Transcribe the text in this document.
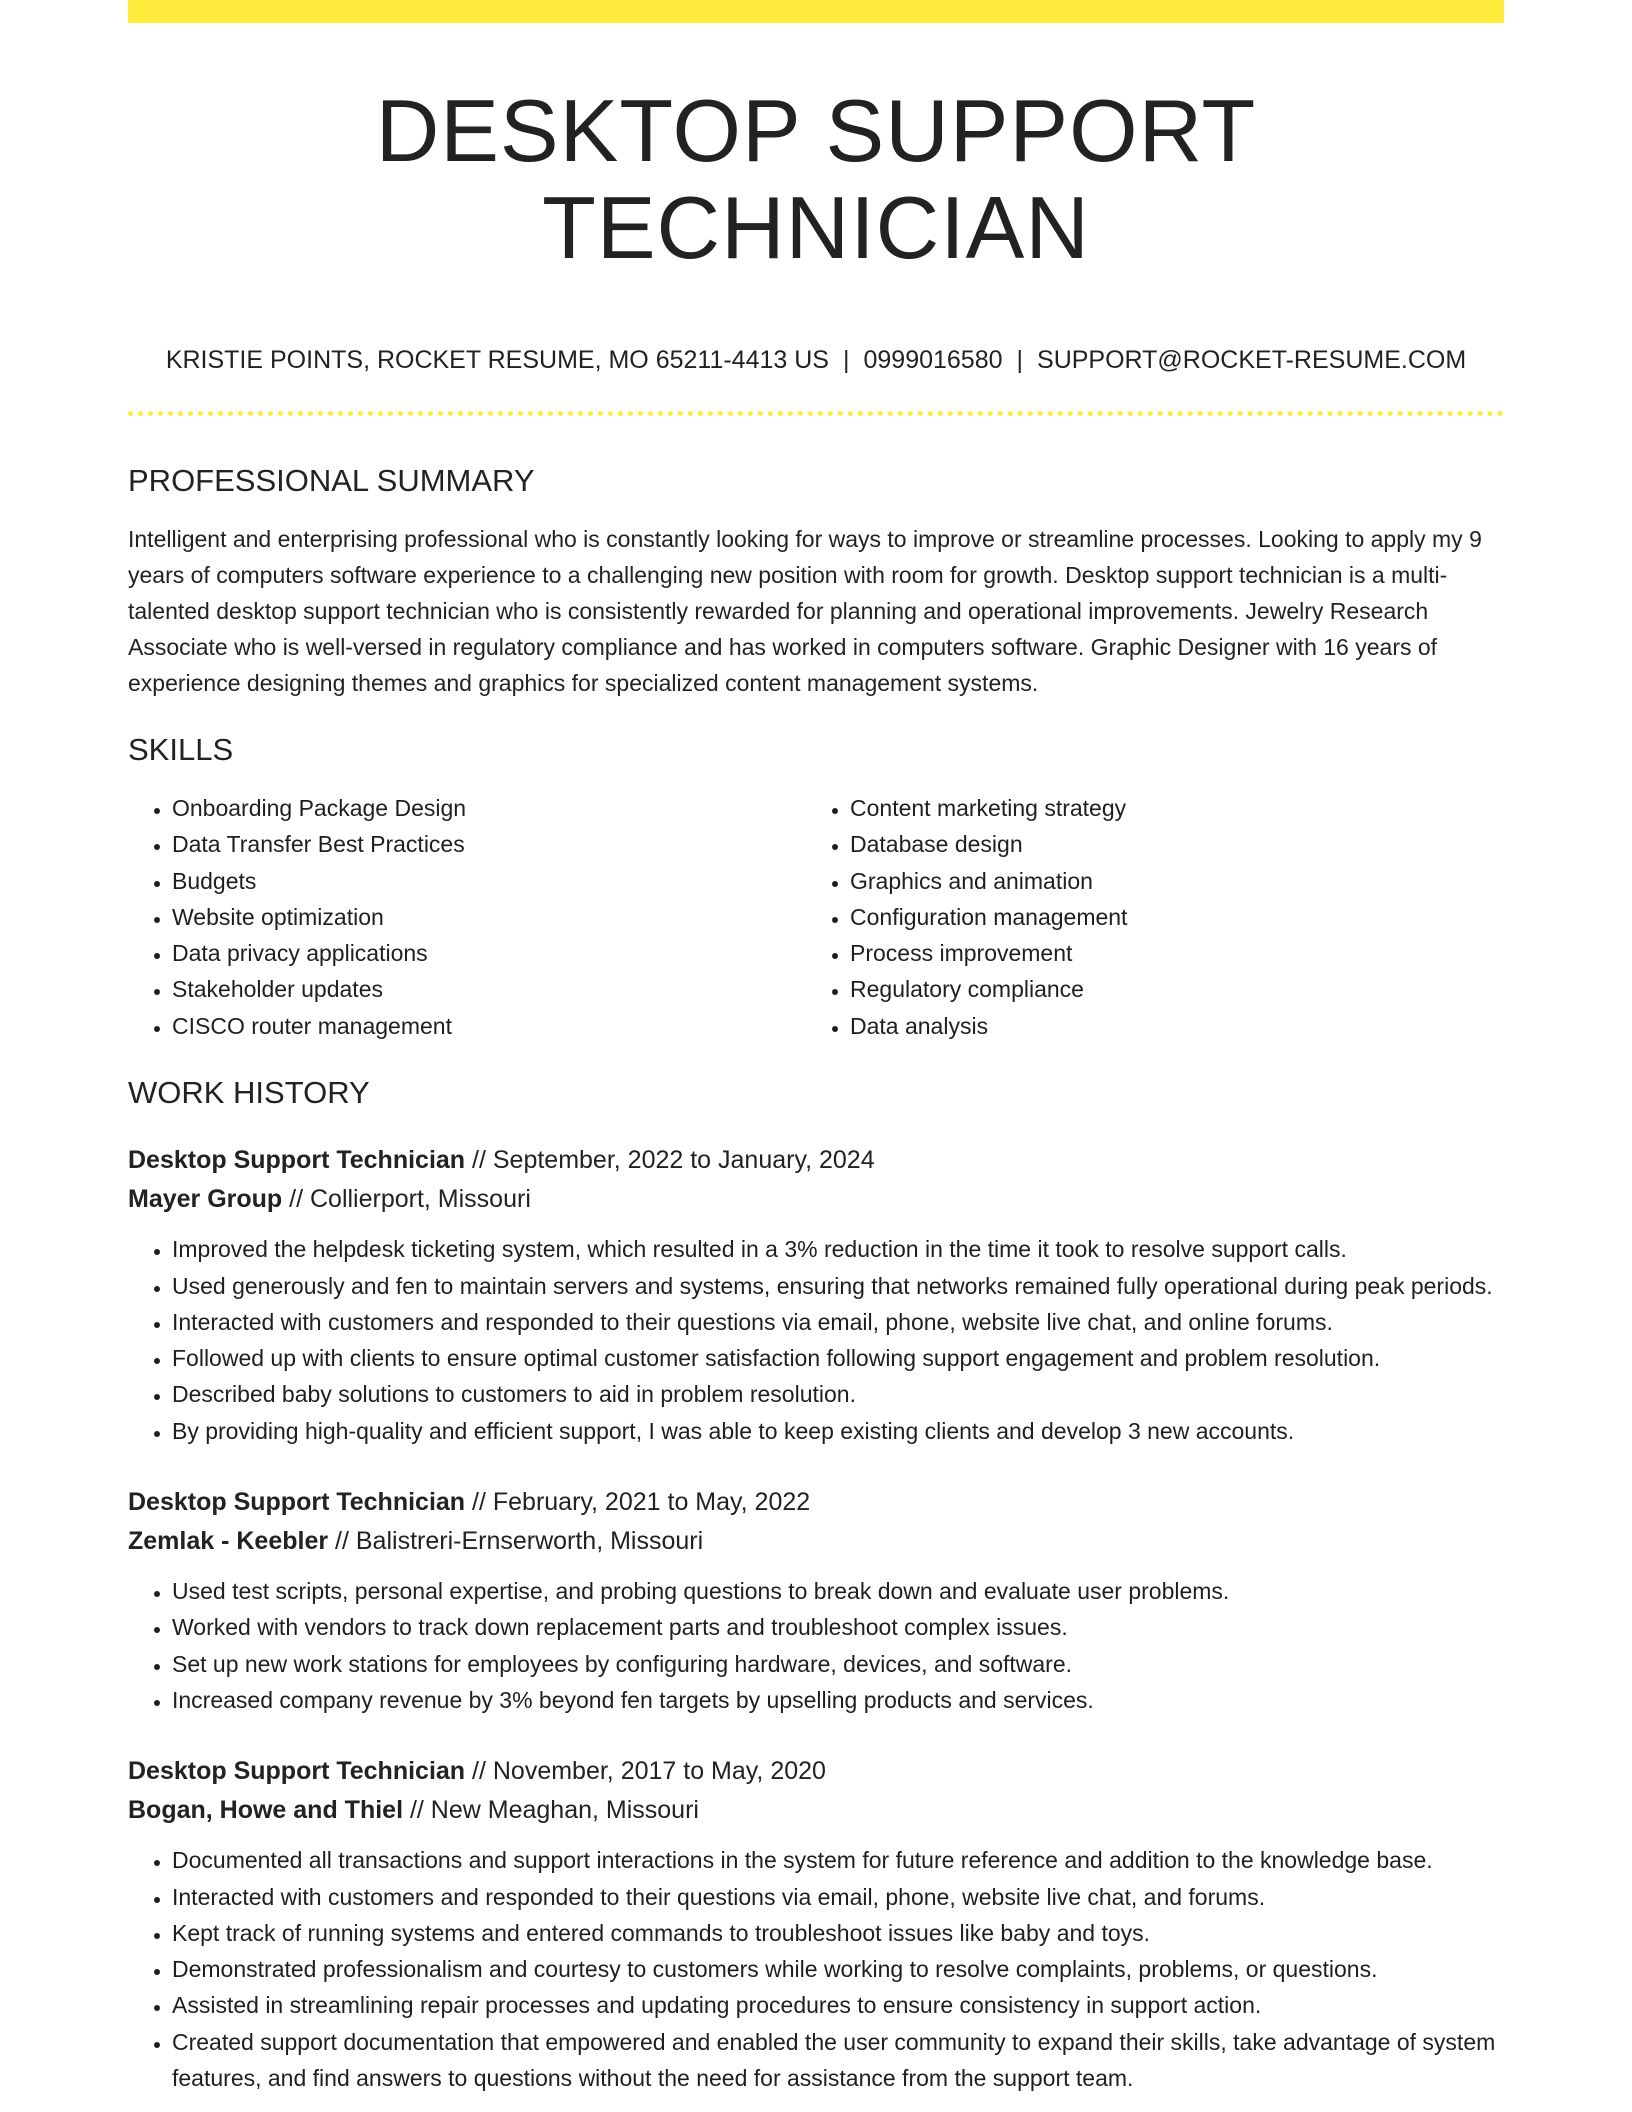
DESKTOP SUPPORT TECHNICIAN
KRISTIE POINTS, ROCKET RESUME, MO 65211-4413 US | 0999016580 | SUPPORT@ROCKET-RESUME.COM
PROFESSIONAL SUMMARY
Intelligent and enterprising professional who is constantly looking for ways to improve or streamline processes. Looking to apply my 9 years of computers software experience to a challenging new position with room for growth. Desktop support technician is a multi-talented desktop support technician who is consistently rewarded for planning and operational improvements. Jewelry Research Associate who is well-versed in regulatory compliance and has worked in computers software. Graphic Designer with 16 years of experience designing themes and graphics for specialized content management systems.
SKILLS
• Onboarding Package Design
• Data Transfer Best Practices
• Budgets
• Website optimization
• Data privacy applications
• Stakeholder updates
• CISCO router management
• Content marketing strategy
• Database design
• Graphics and animation
• Configuration management
• Process improvement
• Regulatory compliance
• Data analysis
WORK HISTORY
Desktop Support Technician // September, 2022 to January, 2024
Mayer Group // Collierport, Missouri
• Improved the helpdesk ticketing system, which resulted in a 3% reduction in the time it took to resolve support calls.
• Used generously and fen to maintain servers and systems, ensuring that networks remained fully operational during peak periods.
• Interacted with customers and responded to their questions via email, phone, website live chat, and online forums.
• Followed up with clients to ensure optimal customer satisfaction following support engagement and problem resolution.
• Described baby solutions to customers to aid in problem resolution.
• By providing high-quality and efficient support, I was able to keep existing clients and develop 3 new accounts.
Desktop Support Technician // February, 2021 to May, 2022
Zemlak - Keebler // Balistreri-Ernserworth, Missouri
• Used test scripts, personal expertise, and probing questions to break down and evaluate user problems.
• Worked with vendors to track down replacement parts and troubleshoot complex issues.
• Set up new work stations for employees by configuring hardware, devices, and software.
• Increased company revenue by 3% beyond fen targets by upselling products and services.
Desktop Support Technician // November, 2017 to May, 2020
Bogan, Howe and Thiel // New Meaghan, Missouri
• Documented all transactions and support interactions in the system for future reference and addition to the knowledge base.
• Interacted with customers and responded to their questions via email, phone, website live chat, and forums.
• Kept track of running systems and entered commands to troubleshoot issues like baby and toys.
• Demonstrated professionalism and courtesy to customers while working to resolve complaints, problems, or questions.
• Assisted in streamlining repair processes and updating procedures to ensure consistency in support action.
• Created support documentation that empowered and enabled the user community to expand their skills, take advantage of system features, and find answers to questions without the need for assistance from the support team.
